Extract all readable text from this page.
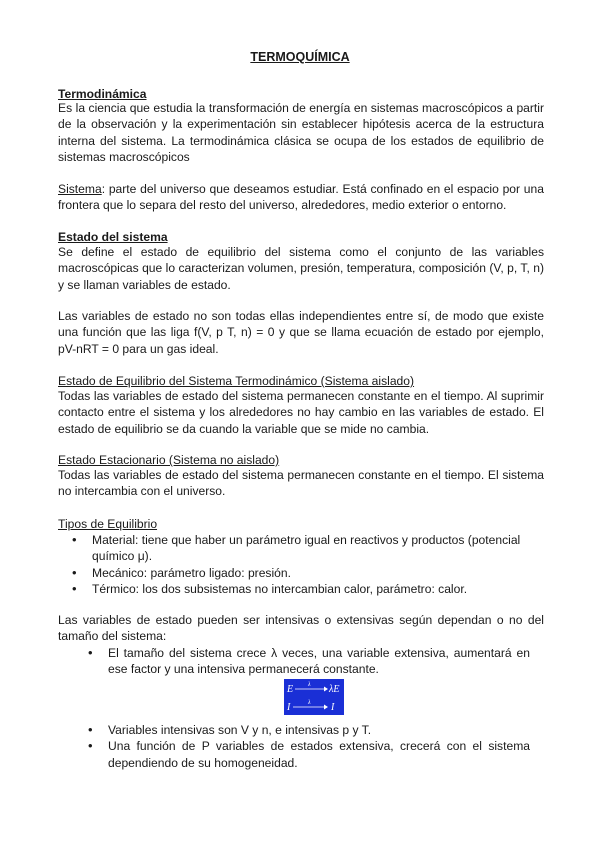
TERMOQUÍMICA
Termodinámica

Es la ciencia que estudia la transformación de energía en sistemas macroscópicos a partir de la observación y la experimentación sin establecer hipótesis acerca de la estructura interna del sistema. La termodinámica clásica se ocupa de los estados de equilibrio de sistemas macroscópicos

Sistema: parte del universo que deseamos estudiar. Está confinado en el espacio por una frontera que lo separa del resto del universo, alrededores, medio exterior o entorno.

Estado del sistema

Se define el estado de equilibrio del sistema como el conjunto de las variables macroscópicas que lo caracterizan volumen, presión, temperatura, composición (V, p, T, n) y se llaman variables de estado.

Las variables de estado no son todas ellas independientes entre sí, de modo que existe una función que las liga f(V, p T, n) = 0 y que se llama ecuación de estado por ejemplo, pV-nRT = 0 para un gas ideal.

Estado de Equilibrio del Sistema Termodinámico (Sistema aislado)

Todas las variables de estado del sistema permanecen constante en el tiempo. Al suprimir contacto entre el sistema y los alrededores no hay cambio en las variables de estado. El estado de equilibrio se da cuando la variable que se mide no cambia.

Estado Estacionario (Sistema no aislado)

Todas las variables de estado del sistema permanecen constante en el tiempo. El sistema no intercambia con el universo.

Tipos de Equilibrio
• Material: tiene que haber un parámetro igual en reactivos y productos (potencial químico μ).
• Mecánico: parámetro ligado: presión.
• Térmico: los dos subsistemas no intercambian calor, parámetro: calor.

Las variables de estado pueden ser intensivas o extensivas según dependan o no del tamaño del sistema:

• El tamaño del sistema crece λ veces, una variable extensiva, aumentará en ese factor y una intensiva permanecerá constante.
E λ λE
I	λ I
• Variables intensivas son V y n, e intensivas p y T.
• Una función de P variables de estados extensiva, crecerá con el sistema dependiendo de su homogeneidad.
